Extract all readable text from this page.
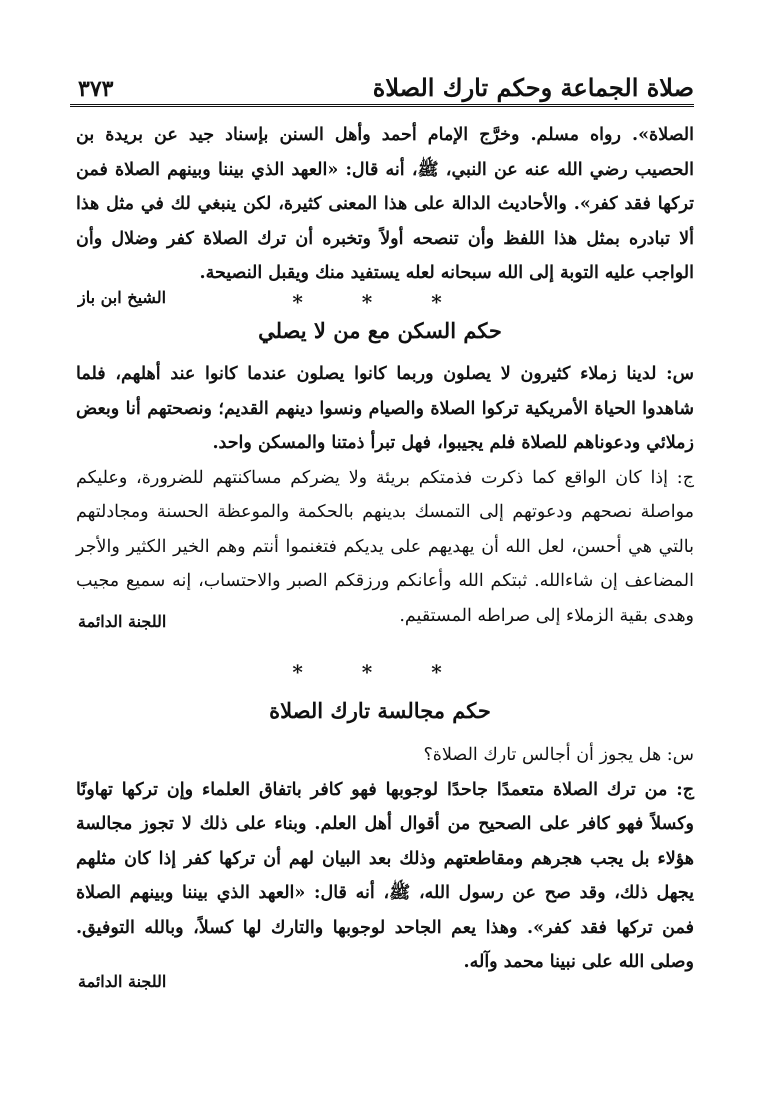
صلاة الجماعة وحكم تارك الصلاة
٣٧٣

الصلاة». رواه مسلم. وخرَّج الإمام أحمد وأهل السنن بإسناد جيد عن بريدة بن الحصيب رضي الله عنه عن النبي، ﷺ، أنه قال: «العهد الذي بيننا وبينهم الصلاة فمن تركها فقد كفر». والأحاديث الدالة على هذا المعنى كثيرة، لكن ينبغي لك في مثل هذا ألا تبادره بمثل هذا اللفظ وأن تنصحه أولاً وتخبره أن ترك الصلاة كفر وضلال وأن الواجب عليه التوبة إلى الله سبحانه لعله يستفيد منك ويقبل النصيحة.

الشيخ ابن باز	* * *
حكم السكن مع من لا يصلي

س: لدينا زملاء كثيرون لا يصلون وربما كانوا يصلون عندما كانوا عند أهلهم، فلما شاهدوا الحياة الأمريكية تركوا الصلاة والصيام ونسوا دينهم القديم؛ ونصحتهم أنا وبعض زملائي ودعوناهم للصلاة فلم يجيبوا، فهل تبرأ ذمتنا والمسكن واحد.

ج: إذا كان الواقع كما ذكرت فذمتكم بريئة ولا يضركم مساكنتهم للضرورة، وعليكم مواصلة نصحهم ودعوتهم إلى التمسك بدينهم بالحكمة والموعظة الحسنة ومجادلتهم بالتي هي أحسن، لعل الله أن يهديهم على يديكم فتغنموا أنتم وهم الخير الكثير والأجر المضاعف إن شاءالله. ثبتكم الله وأعانكم ورزقكم الصبر والاحتساب، إنه سميع مجيب وهدى بقية الزملاء إلى صراطه المستقيم.

اللجنة الدائمة
* * *
حكم مجالسة تارك الصلاة

س: هل يجوز أن أجالس تارك الصلاة؟

ج: من ترك الصلاة متعمدًا جاحدًا لوجوبها فهو كافر باتفاق العلماء وإن تركها تهاونًا وكسلاً فهو كافر على الصحيح من أقوال أهل العلم. وبناء على ذلك لا تجوز مجالسة هؤلاء بل يجب هجرهم ومقاطعتهم وذلك بعد البيان لهم أن تركها كفر إذا كان مثلهم يجهل ذلك، وقد صح عن رسول الله، ﷺ، أنه قال: «العهد الذي بيننا وبينهم الصلاة فمن تركها فقد كفر». وهذا يعم الجاحد لوجوبها والتارك لها كسلاً، وبالله التوفيق. وصلى الله على نبينا محمد وآله.

اللجنة الدائمة
